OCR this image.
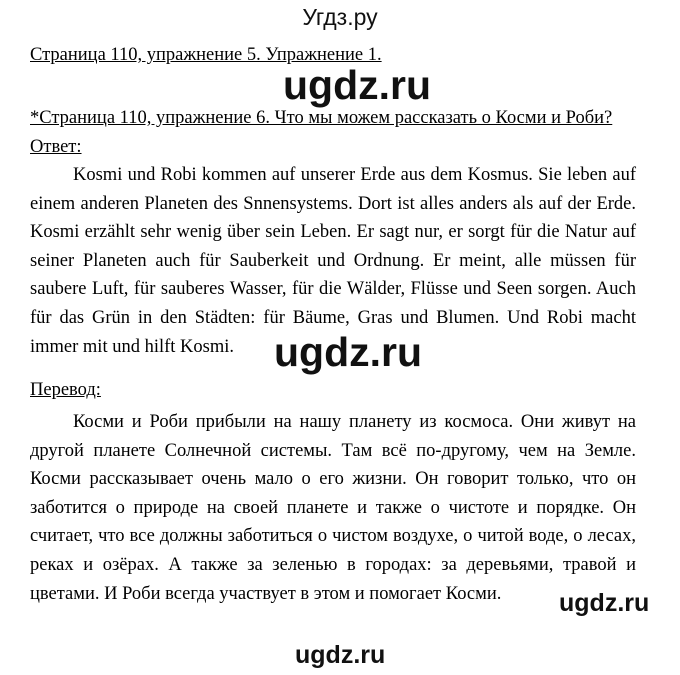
Угдз.ру
Страница 110, упражнение 5. Упражнение 1.
ugdz.ru
*Страница 110, упражнение 6. Что мы можем рассказать о Косми и Роби?
Ответ:

Kosmi und Robi kommen auf unserer Erde aus dem Kosmus. Sie leben auf einem anderen Planeten des Snnensystems. Dort ist alles anders als auf der Erde. Kosmi erzählt sehr wenig über sein Leben. Er sagt nur, er sorgt für die Natur auf seiner Planeten auch für Sauberkeit und Ordnung. Er meint, alle müssen für saubere Luft, für sauberes Wasser, für die Wälder, Flüsse und Seen sorgen. Auch für das Grün in den Städten: für Bäume, Gras und Blumen. Und Robi macht immer mit und hilft Kosmi.

Перевод:
ugdz.ru

Косми и Роби прибыли на нашу планету из космоса. Они живут на другой планете Солнечной системы. Там всё по-другому, чем на Земле. Косми рассказывает очень мало о его жизни. Он говорит только, что он заботится о природе на своей планете и также о чистоте и порядке. Он считает, что все должны заботиться о чистом воздухе, о читой воде, о лесах, реках и озёрах. А также за зеленью в городах: за деревьями, травой и цветами. И Роби всегда участвует в этом и помогает Косми.	ugdz.ru
ugdz.ru
